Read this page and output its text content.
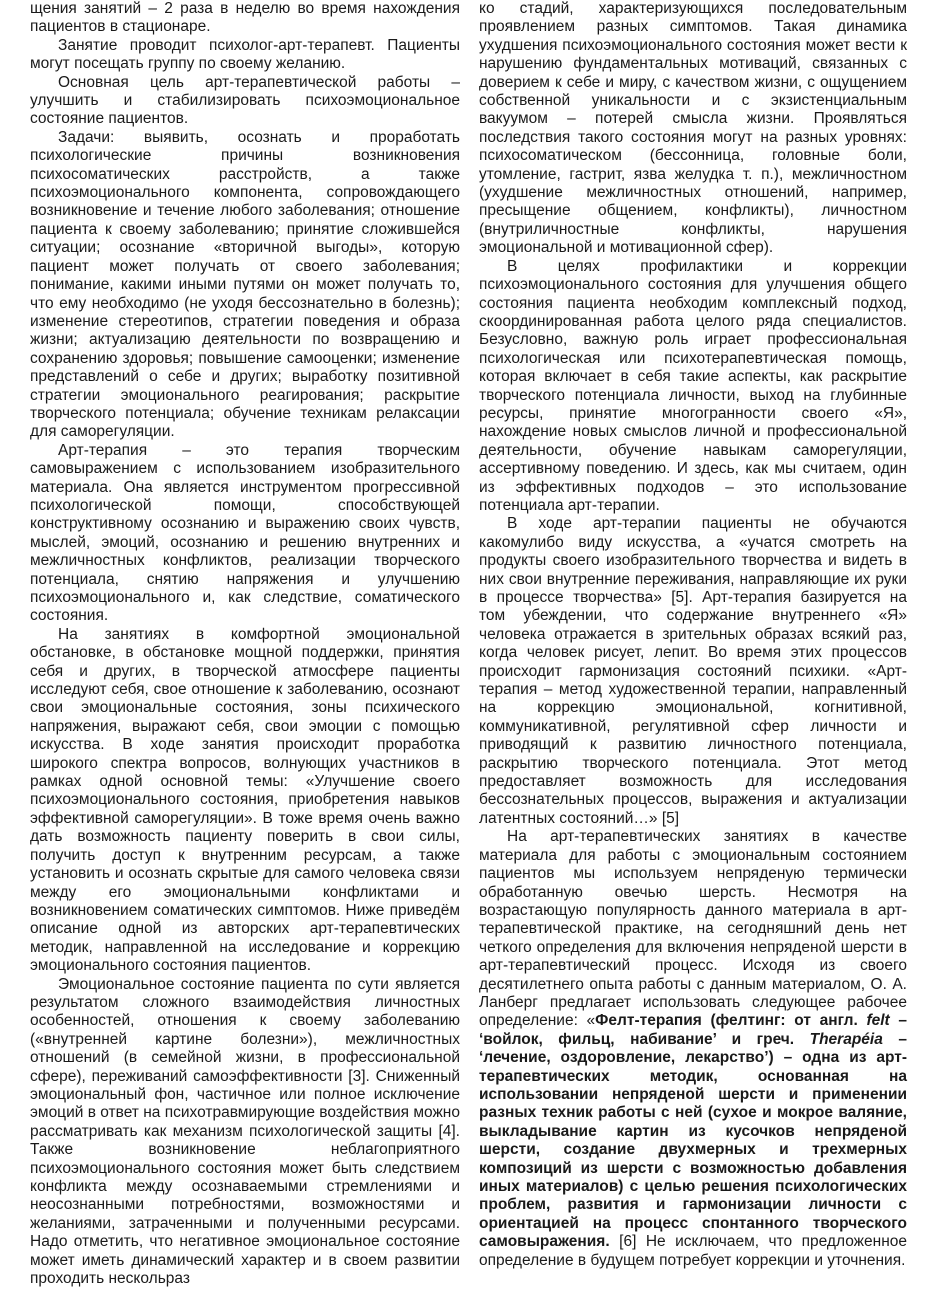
щения занятий – 2 раза в неделю во время нахождения пациентов в стационаре.

Занятие проводит психолог-арт-терапевт. Пациенты могут посещать группу по своему желанию.

Основная цель арт-терапевтической работы – улучшить и стабилизировать психоэмоциональное состояние пациентов.

Задачи: выявить, осознать и проработать психологические причины возникновения психосоматических расстройств, а также психоэмоционального компонента, сопровождающего возникновение и течение любого заболевания; отношение пациента к своему заболеванию; принятие сложившейся ситуации; осознание «вторичной выгоды», которую пациент может получать от своего заболевания; понимание, какими иными путями он может получать то, что ему необходимо (не уходя бессознательно в болезнь); изменение стереотипов, стратегии поведения и образа жизни; актуализацию деятельности по возвращению и сохранению здоровья; повышение самооценки; изменение представлений о себе и других; выработку позитивной стратегии эмоционального реагирования; раскрытие творческого потенциала; обучение техникам релаксации для саморегуляции.

Арт-терапия – это терапия творческим самовыражением с использованием изобразительного материала. Она является инструментом прогрессивной психологической помощи, способствующей конструктивному осознанию и выражению своих чувств, мыслей, эмоций, осознанию и решению внутренних и межличностных конфликтов, реализации творческого потенциала, снятию напряжения и улучшению психоэмоционального и, как следствие, соматического состояния.

На занятиях в комфортной эмоциональной обстановке, в обстановке мощной поддержки, принятия себя и других, в творческой атмосфере пациенты исследуют себя, свое отношение к заболеванию, осознают свои эмоциональные состояния, зоны психического напряжения, выражают себя, свои эмоции с помощью искусства. В ходе занятия происходит проработка широкого спектра вопросов, волнующих участников в рамках одной основной темы: «Улучшение своего психоэмоционального состояния, приобретения навыков эффективной саморегуляции». В тоже время очень важно дать возможность пациенту поверить в свои силы, получить доступ к внутренним ресурсам, а также установить и осознать скрытые для самого человека связи между его эмоциональными конфликтами и возникновением соматических симптомов. Ниже приведём описание одной из авторских арт-терапевтических методик, направленной на исследование и коррекцию эмоционального состояния пациентов.

Эмоциональное состояние пациента по сути является результатом сложного взаимодействия личностных особенностей, отношения к своему заболеванию («внутренней картине болезни»), межличностных отношений (в семейной жизни, в профессиональной сфере), переживаний самоэффективности [3]. Сниженный эмоциональный фон, частичное или полное исключение эмоций в ответ на психотравмирующие воздействия можно рассматривать как механизм психологической защиты [4]. Также возникновение неблагоприятного психоэмоционального состояния может быть следствием конфликта между осознаваемыми стремлениями и неосознанными потребностями, возможностями и желаниями, затраченными и полученными ресурсами. Надо отметить, что негативное эмоциональное состояние может иметь динамический характер и в своем развитии проходить нескольраз

ко стадий, характеризующихся последовательным проявлением разных симптомов. Такая динамика ухудшения психоэмоционального состояния может вести к нарушению фундаментальных мотиваций, связанных с доверием к себе и миру, с качеством жизни, с ощущением собственной уникальности и с экзистенциальным вакуумом – потерей смысла жизни. Проявляться последствия такого состояния могут на разных уровнях: психосоматическом (бессонница, головные боли, утомление, гастрит, язва желудка т. п.), межличностном (ухудшение межличностных отношений, например, пресыщение общением, конфликты), личностном (внутриличностные конфликты, нарушения эмоциональной и мотивационной сфер).

В целях профилактики и коррекции психоэмоционального состояния для улучшения общего состояния пациента необходим комплексный подход, скоординированная работа целого ряда специалистов. Безусловно, важную роль играет профессиональная психологическая или психотерапевтическая помощь, которая включает в себя такие аспекты, как раскрытие творческого потенциала личности, выход на глубинные ресурсы, принятие многогранности своего «Я», нахождение новых смыслов личной и профессиональной деятельности, обучение навыкам саморегуляции, ассертивному поведению. И здесь, как мы считаем, один из эффективных подходов – это использование потенциала арт-терапии.

В ходе арт-терапии пациенты не обучаются какомулибо виду искусства, а «учатся смотреть на продукты своего изобразительного творчества и видеть в них свои внутренние переживания, направляющие их руки в процессе творчества» [5]. Арт-терапия базируется на том убеждении, что содержание внутреннего «Я» человека отражается в зрительных образах всякий раз, когда человек рисует, лепит. Во время этих процессов происходит гармонизация состояний психики. «Арт-терапия – метод художественной терапии, направленный на коррекцию эмоциональной, когнитивной, коммуникативной, регулятивной сфер личности и приводящий к развитию личностного потенциала, раскрытию творческого потенциала. Этот метод предоставляет возможность для исследования бессознательных процессов, выражения и актуализации латентных состояний…» [5]

На арт-терапевтических занятиях в качестве материала для работы с эмоциональным состоянием пациентов мы используем непряденую термически обработанную овечью шерсть. Несмотря на возрастающую популярность данного материала в арт-терапевтической практике, на сегодняшний день нет четкого определения для включения непряденой шерсти в арт-терапевтический процесс. Исходя из своего десятилетнего опыта работы с данным материалом, О. А. Ланберг предлагает использовать следующее рабочее определение: «Фелт-терапия (фелтинг: от англ. felt – ‘войлок, фильц, набивание’ и греч. Therapéia – ‘лечение, оздоровление, лекарство’) – одна из арт-терапевтических методик, основанная на использовании непряденой шерсти и применении разных техник работы с ней (сухое и мокрое валяние, выкладывание картин из кусочков непряденой шерсти, создание двухмерных и трехмерных композиций из шерсти с возможностью добавления иных материалов) с целью решения психологических проблем, развития и гармонизации личности с ориентацией на процесс спонтанного творческого самовыражения. [6] Не исключаем, что предложенное определение в будущем потребует коррекции и уточнения.
